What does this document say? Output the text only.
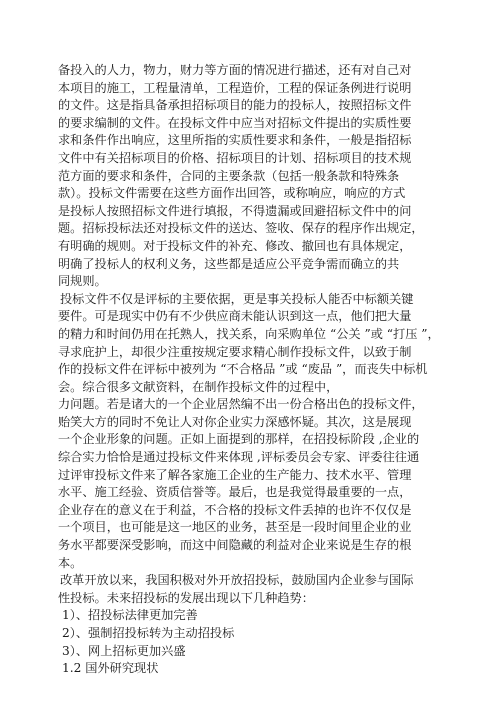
备投入的人力，物力，财力等方面的情况进行描述，还有对自己对
本项目的施工，工程量清单，工程造价，工程的保证条例进行说明
的文件。这是指具备承担招标项目的能力的投标人，按照招标文件
的要求编制的文件。在投标文件中应当对招标文件提出的实质性要
求和条件作出响应，这里所指的实质性要求和条件，一般是指招标
文件中有关招标项目的价格、招标项目的计划、招标项目的技术规
范方面的要求和条件，合同的主要条款（包括一般条款和特殊条
款）。投标文件需要在这些方面作出回答，或称响应，响应的方式
是投标人按照招标文件进行填报，不得遗漏或回避招标文件中的问
题。招标投标法还对投标文件的送达、签收、保存的程序作出规定，
有明确的规则。对于投标文件的补充、修改、撤回也有具体规定，
明确了投标人的权利义务，这些都是适应公平竞争需而确立的共
同规则。
投标文件不仅是评标的主要依据，更是事关投标人能否中标额关键
要件。可是现实中仍有不少供应商未能认识到这一点，他们把大量
的精力和时间仍用在托熟人，找关系，向采购单位 “公关 ”或 “打压 ”，
寻求庇护上，却很少注重按规定要求精心制作投标文件，以致于制
作的投标文件在评标中被列为 “不合格品 ”或 “废品 ”，而丧失中标机
会。综合很多文献资料，在制作投标文件的过程中，
力问题。若是诸大的一个企业居然编不出一份合格出色的投标文件，
贻笑大方的同时不免让人对你企业实力深感怀疑。其次，这是展现
一个企业形象的问题。正如上面提到的那样，在招投标阶段 ,企业的
综合实力恰恰是通过投标文件来体现 ,评标委员会专家、评委往往通
过评审投标文件来了解各家施工企业的生产能力、技术水平、管理
水平、施工经验、资质信誉等。最后，也是我觉得最重要的一点，
企业存在的意义在于利益，不合格的投标文件丢掉的也许不仅仅是
一个项目，也可能是这一地区的业务，甚至是一段时间里企业的业
务水平都要深受影响，而这中间隐藏的利益对企业来说是生存的根
本。
改革开放以来，我国积极对外开放招投标，鼓励国内企业参与国际
性投标。未来招投标的发展出现以下几种趋势：
1）、招投标法律更加完善
2）、强制招投标转为主动招投标
3）、网上招标更加兴盛
1.2 国外研究现状
